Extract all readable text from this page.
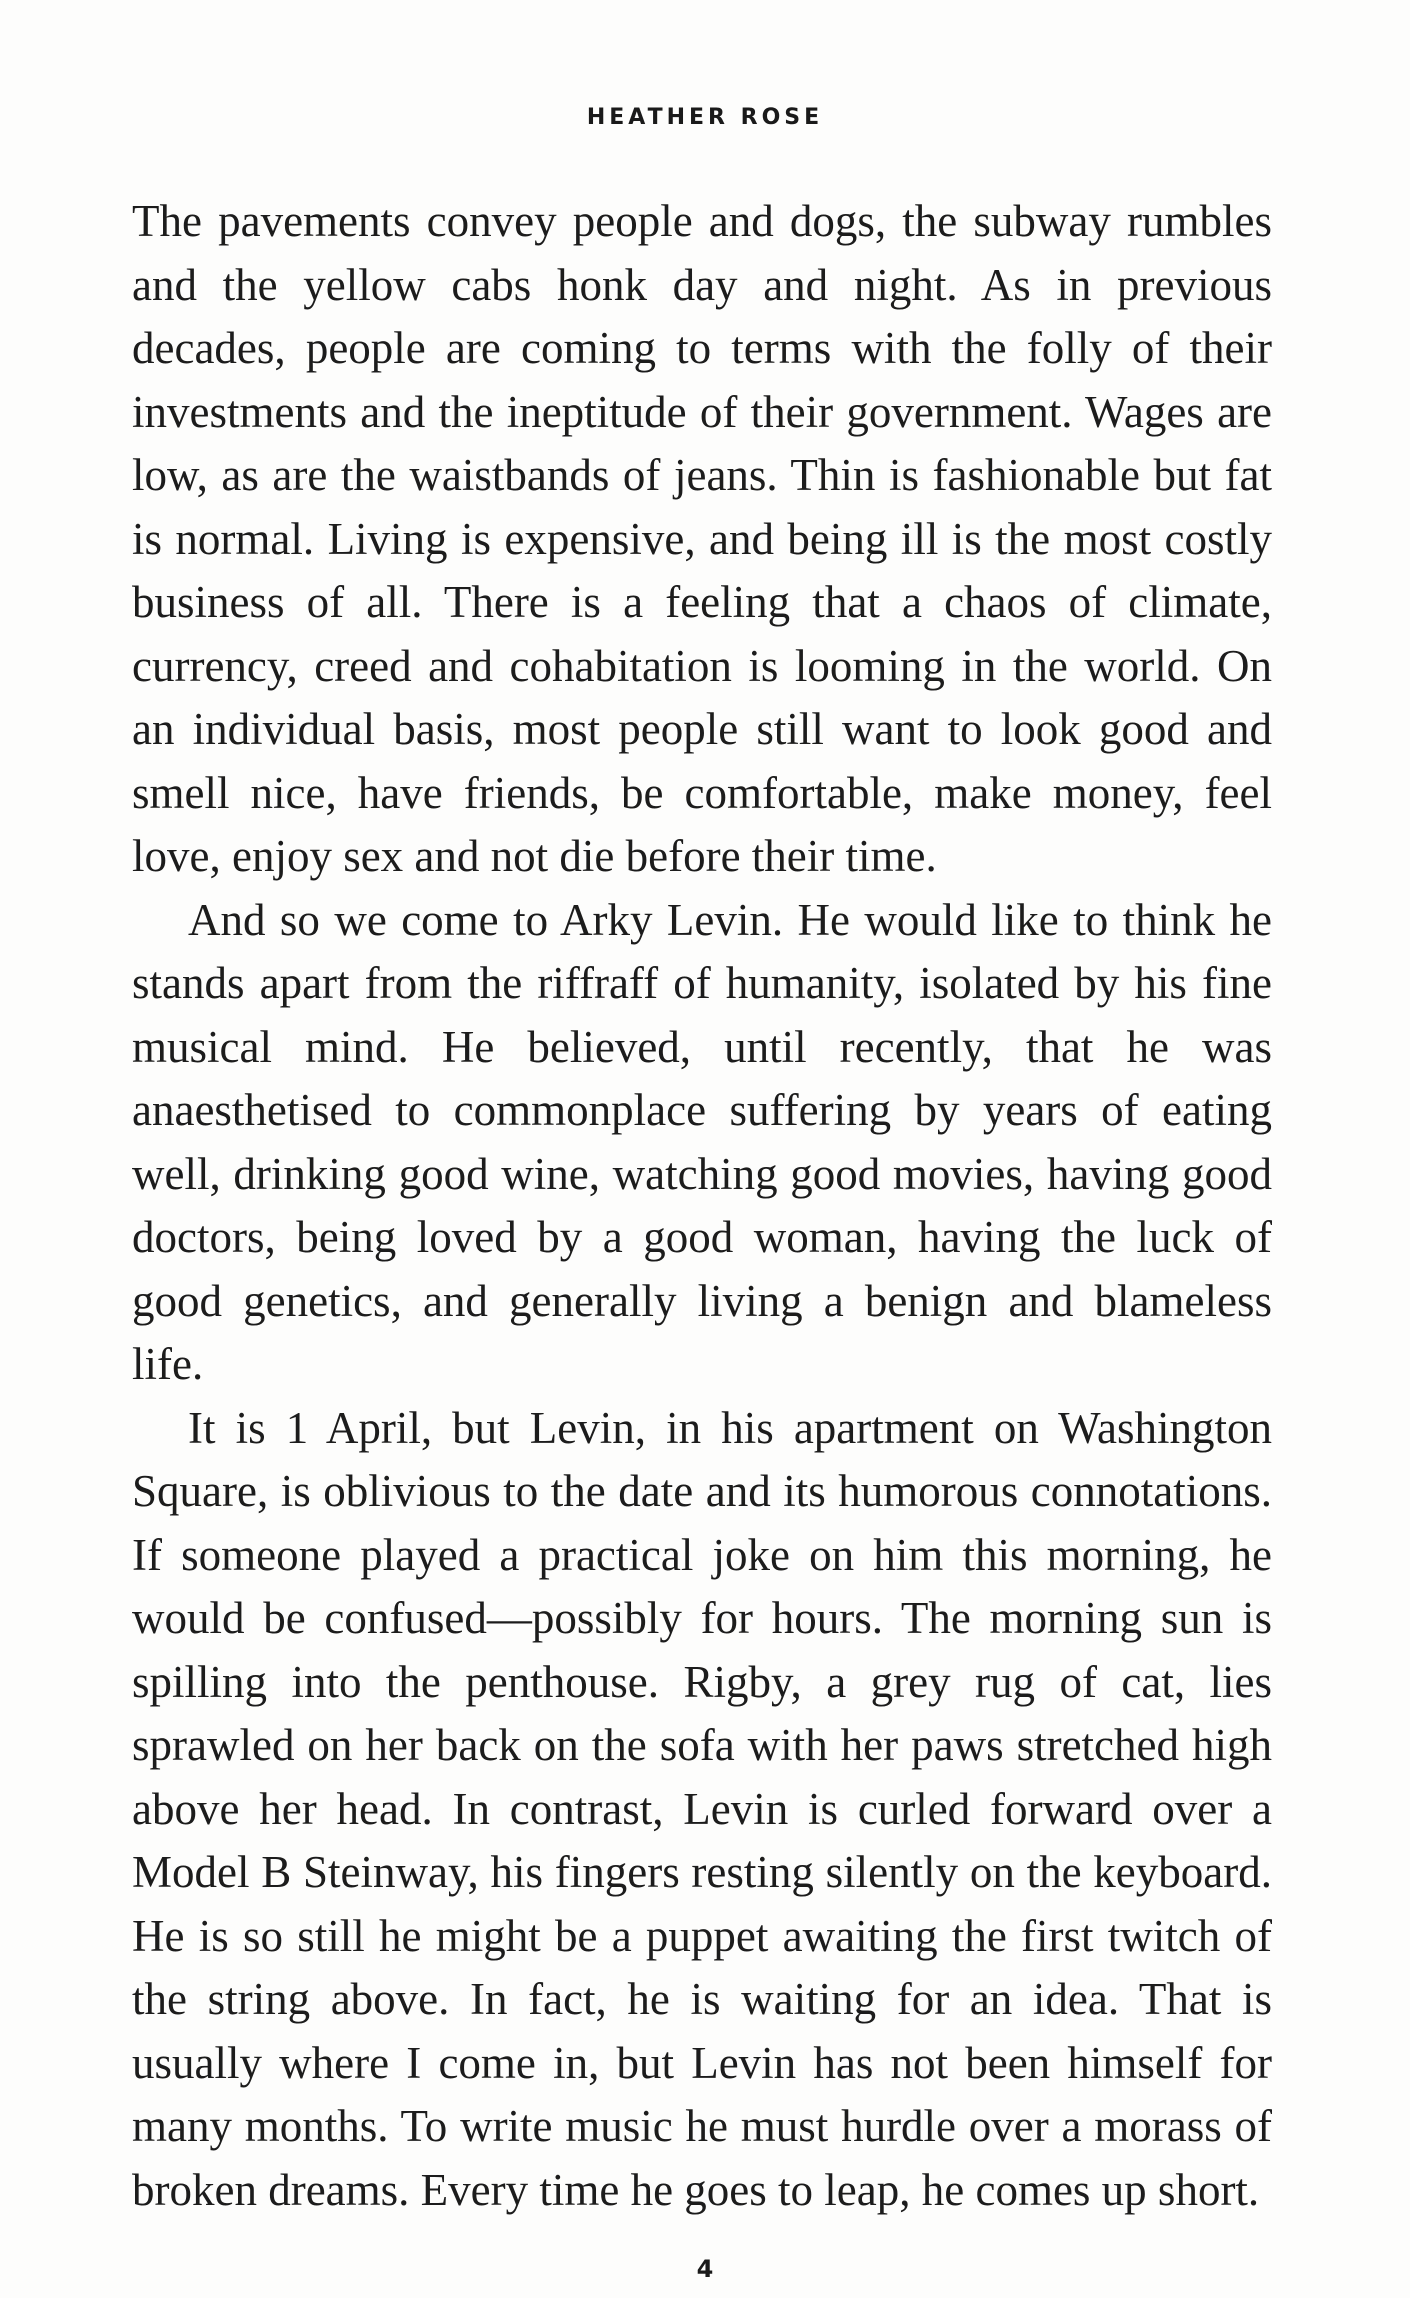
HEATHER ROSE

The pavements convey people and dogs, the subway rumbles and the yellow cabs honk day and night. As in previous decades, people are coming to terms with the folly of their investments and the ineptitude of their government. Wages are low, as are the waistbands of jeans. Thin is fashionable but fat is normal. Living is expensive, and being ill is the most costly business of all. There is a feeling that a chaos of climate, currency, creed and cohabitation is looming in the world. On an individual basis, most people still want to look good and smell nice, have friends, be comfortable, make money, feel love, enjoy sex and not die before their time.

And so we come to Arky Levin. He would like to think he stands apart from the riffraff of humanity, isolated by his fine musical mind. He believed, until recently, that he was anaesthetised to commonplace suffering by years of eating well, drinking good wine, watching good movies, having good doctors, being loved by a good woman, having the luck of good genetics, and generally living a benign and blameless life.

It is 1 April, but Levin, in his apartment on Washington Square, is oblivious to the date and its humorous connotations. If someone played a practical joke on him this morning, he would be confused—possibly for hours. The morning sun is spilling into the penthouse. Rigby, a grey rug of cat, lies sprawled on her back on the sofa with her paws stretched high above her head. In contrast, Levin is curled forward over a Model B Steinway, his fingers resting silently on the keyboard. He is so still he might be a puppet awaiting the first twitch of the string above. In fact, he is waiting for an idea. That is usually where I come in, but Levin has not been himself for many months. To write music he must hurdle over a morass of broken dreams. Every time he goes to leap, he comes up short.

4
